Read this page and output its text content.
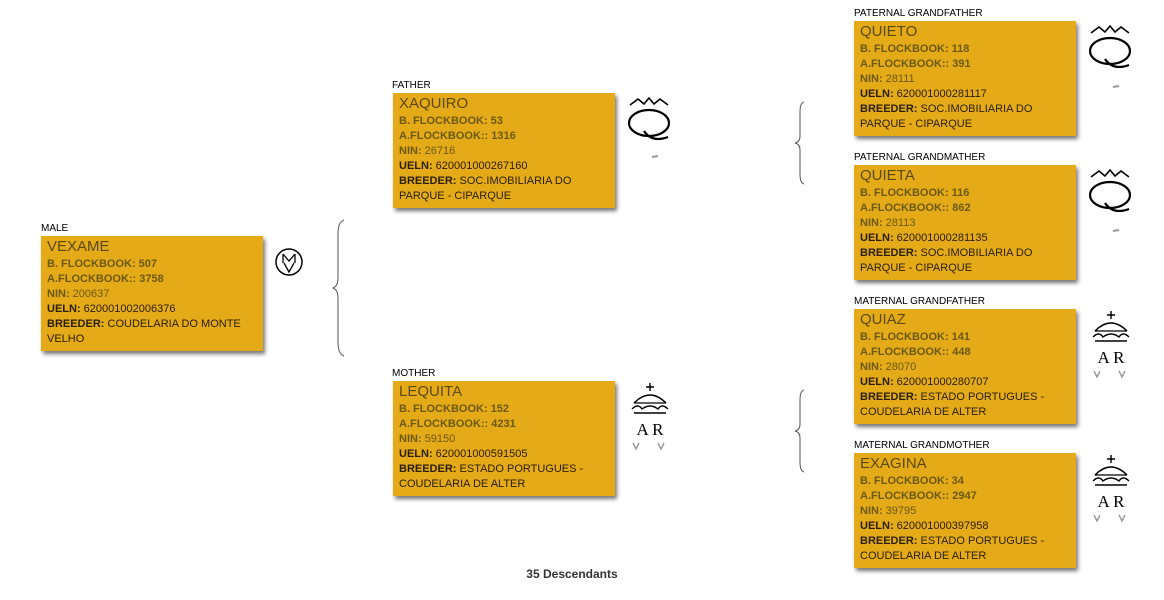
MALE
VEXAME
B. FLOCKBOOK: 507
A.FLOCKBOOK:: 3758
NIN: 200637
UELN: 620001002006376
BREEDER: COUDELARIA DO MONTE VELHO
FATHER
XAQUIRO
B. FLOCKBOOK: 53
A.FLOCKBOOK:: 1316
NIN: 26716
UELN: 620001000267160
BREEDER: SOC.IMOBILIARIA DO PARQUE - CIPARQUE
MOTHER
LEQUITA
B. FLOCKBOOK: 152
A.FLOCKBOOK:: 4231
NIN: 59150
UELN: 620001000591505
BREEDER: ESTADO PORTUGUES - COUDELARIA DE ALTER
A R
PATERNAL GRANDFATHER
QUIETO
B. FLOCKBOOK: 118
A.FLOCKBOOK:: 391
NIN: 28111
UELN: 620001000281117
BREEDER: SOC.IMOBILIARIA DO PARQUE - CIPARQUE
PATERNAL GRANDMATHER
QUIETA
B. FLOCKBOOK: 116
A.FLOCKBOOK:: 862
NIN: 28113
UELN: 620001000281135
BREEDER: SOC.IMOBILIARIA DO PARQUE - CIPARQUE
MATERNAL GRANDFATHER
QUIAZ
B. FLOCKBOOK: 141
A.FLOCKBOOK:: 448
NIN: 28070
UELN: 620001000280707
BREEDER: ESTADO PORTUGUES - COUDELARIA DE ALTER
A R
MATERNAL GRANDMOTHER
EXAGINA
B. FLOCKBOOK: 34
A.FLOCKBOOK:: 2947
NIN: 39795
UELN: 620001000397958
BREEDER: ESTADO PORTUGUES - COUDELARIA DE ALTER
A R
35 Descendants
